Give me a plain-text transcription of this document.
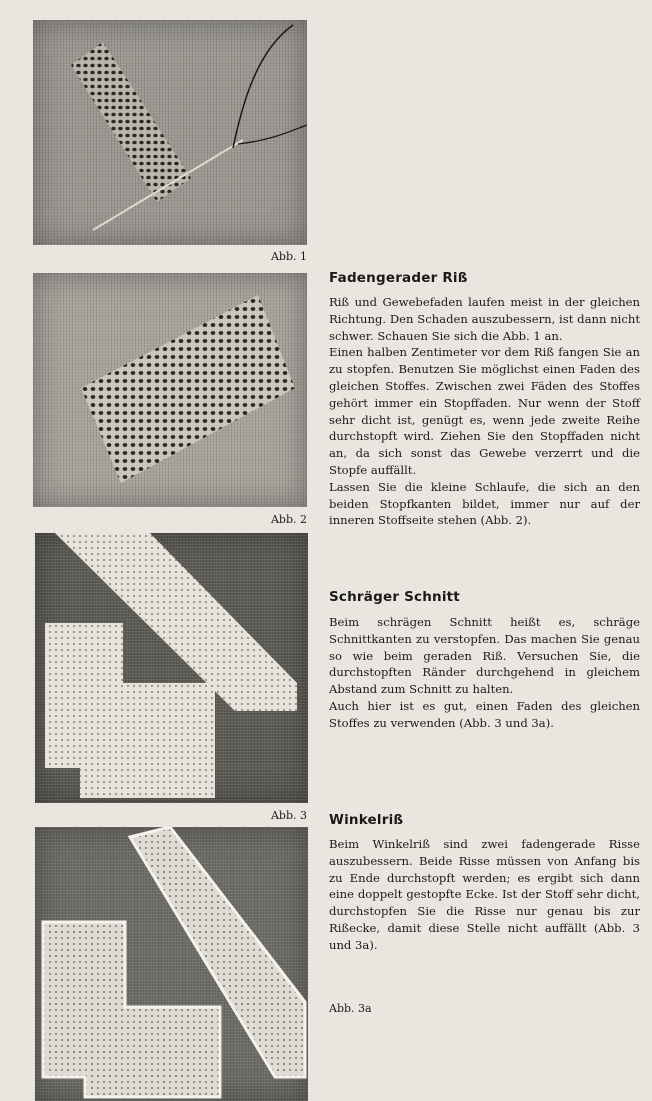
Abb. 1
Abb. 2
Abb. 3
Abb. 3a
Fadengerader Riß

Riß und Gewebefaden laufen meist in der gleichen Richtung. Den Schaden auszubessern, ist dann nicht schwer. Schauen Sie sich die Abb. 1 an.

Einen halben Zentimeter vor dem Riß fangen Sie an zu stopfen. Benutzen Sie möglichst einen Faden des gleichen Stoffes. Zwischen zwei Fäden des Stoffes gehört immer ein Stopffaden. Nur wenn der Stoff sehr dicht ist, genügt es, wenn jede zweite Reihe durchstopft wird. Ziehen Sie den Stopffaden nicht an, da sich sonst das Gewebe verzerrt und die Stopfe auffällt.

Lassen Sie die kleine Schlaufe, die sich an den beiden Stopfkanten bildet, immer nur auf der inneren Stoffseite stehen (Abb. 2).

Schräger Schnitt

Beim schrägen Schnitt heißt es, schräge Schnittkanten zu verstopfen. Das machen Sie genau so wie beim geraden Riß. Versuchen Sie, die durchstopften Ränder durchgehend in gleichem Abstand zum Schnitt zu halten.

Auch hier ist es gut, einen Faden des gleichen Stoffes zu verwenden (Abb. 3 und 3a).

Winkelriß

Beim Winkelriß sind zwei fadengerade Risse auszubessern. Beide Risse müssen von Anfang bis zu Ende durchstopft werden; es ergibt sich dann eine doppelt gestopfte Ecke. Ist der Stoff sehr dicht, durchstopfen Sie die Risse nur genau bis zur Rißecke, damit diese Stelle nicht auffällt (Abb. 3 und 3a).
